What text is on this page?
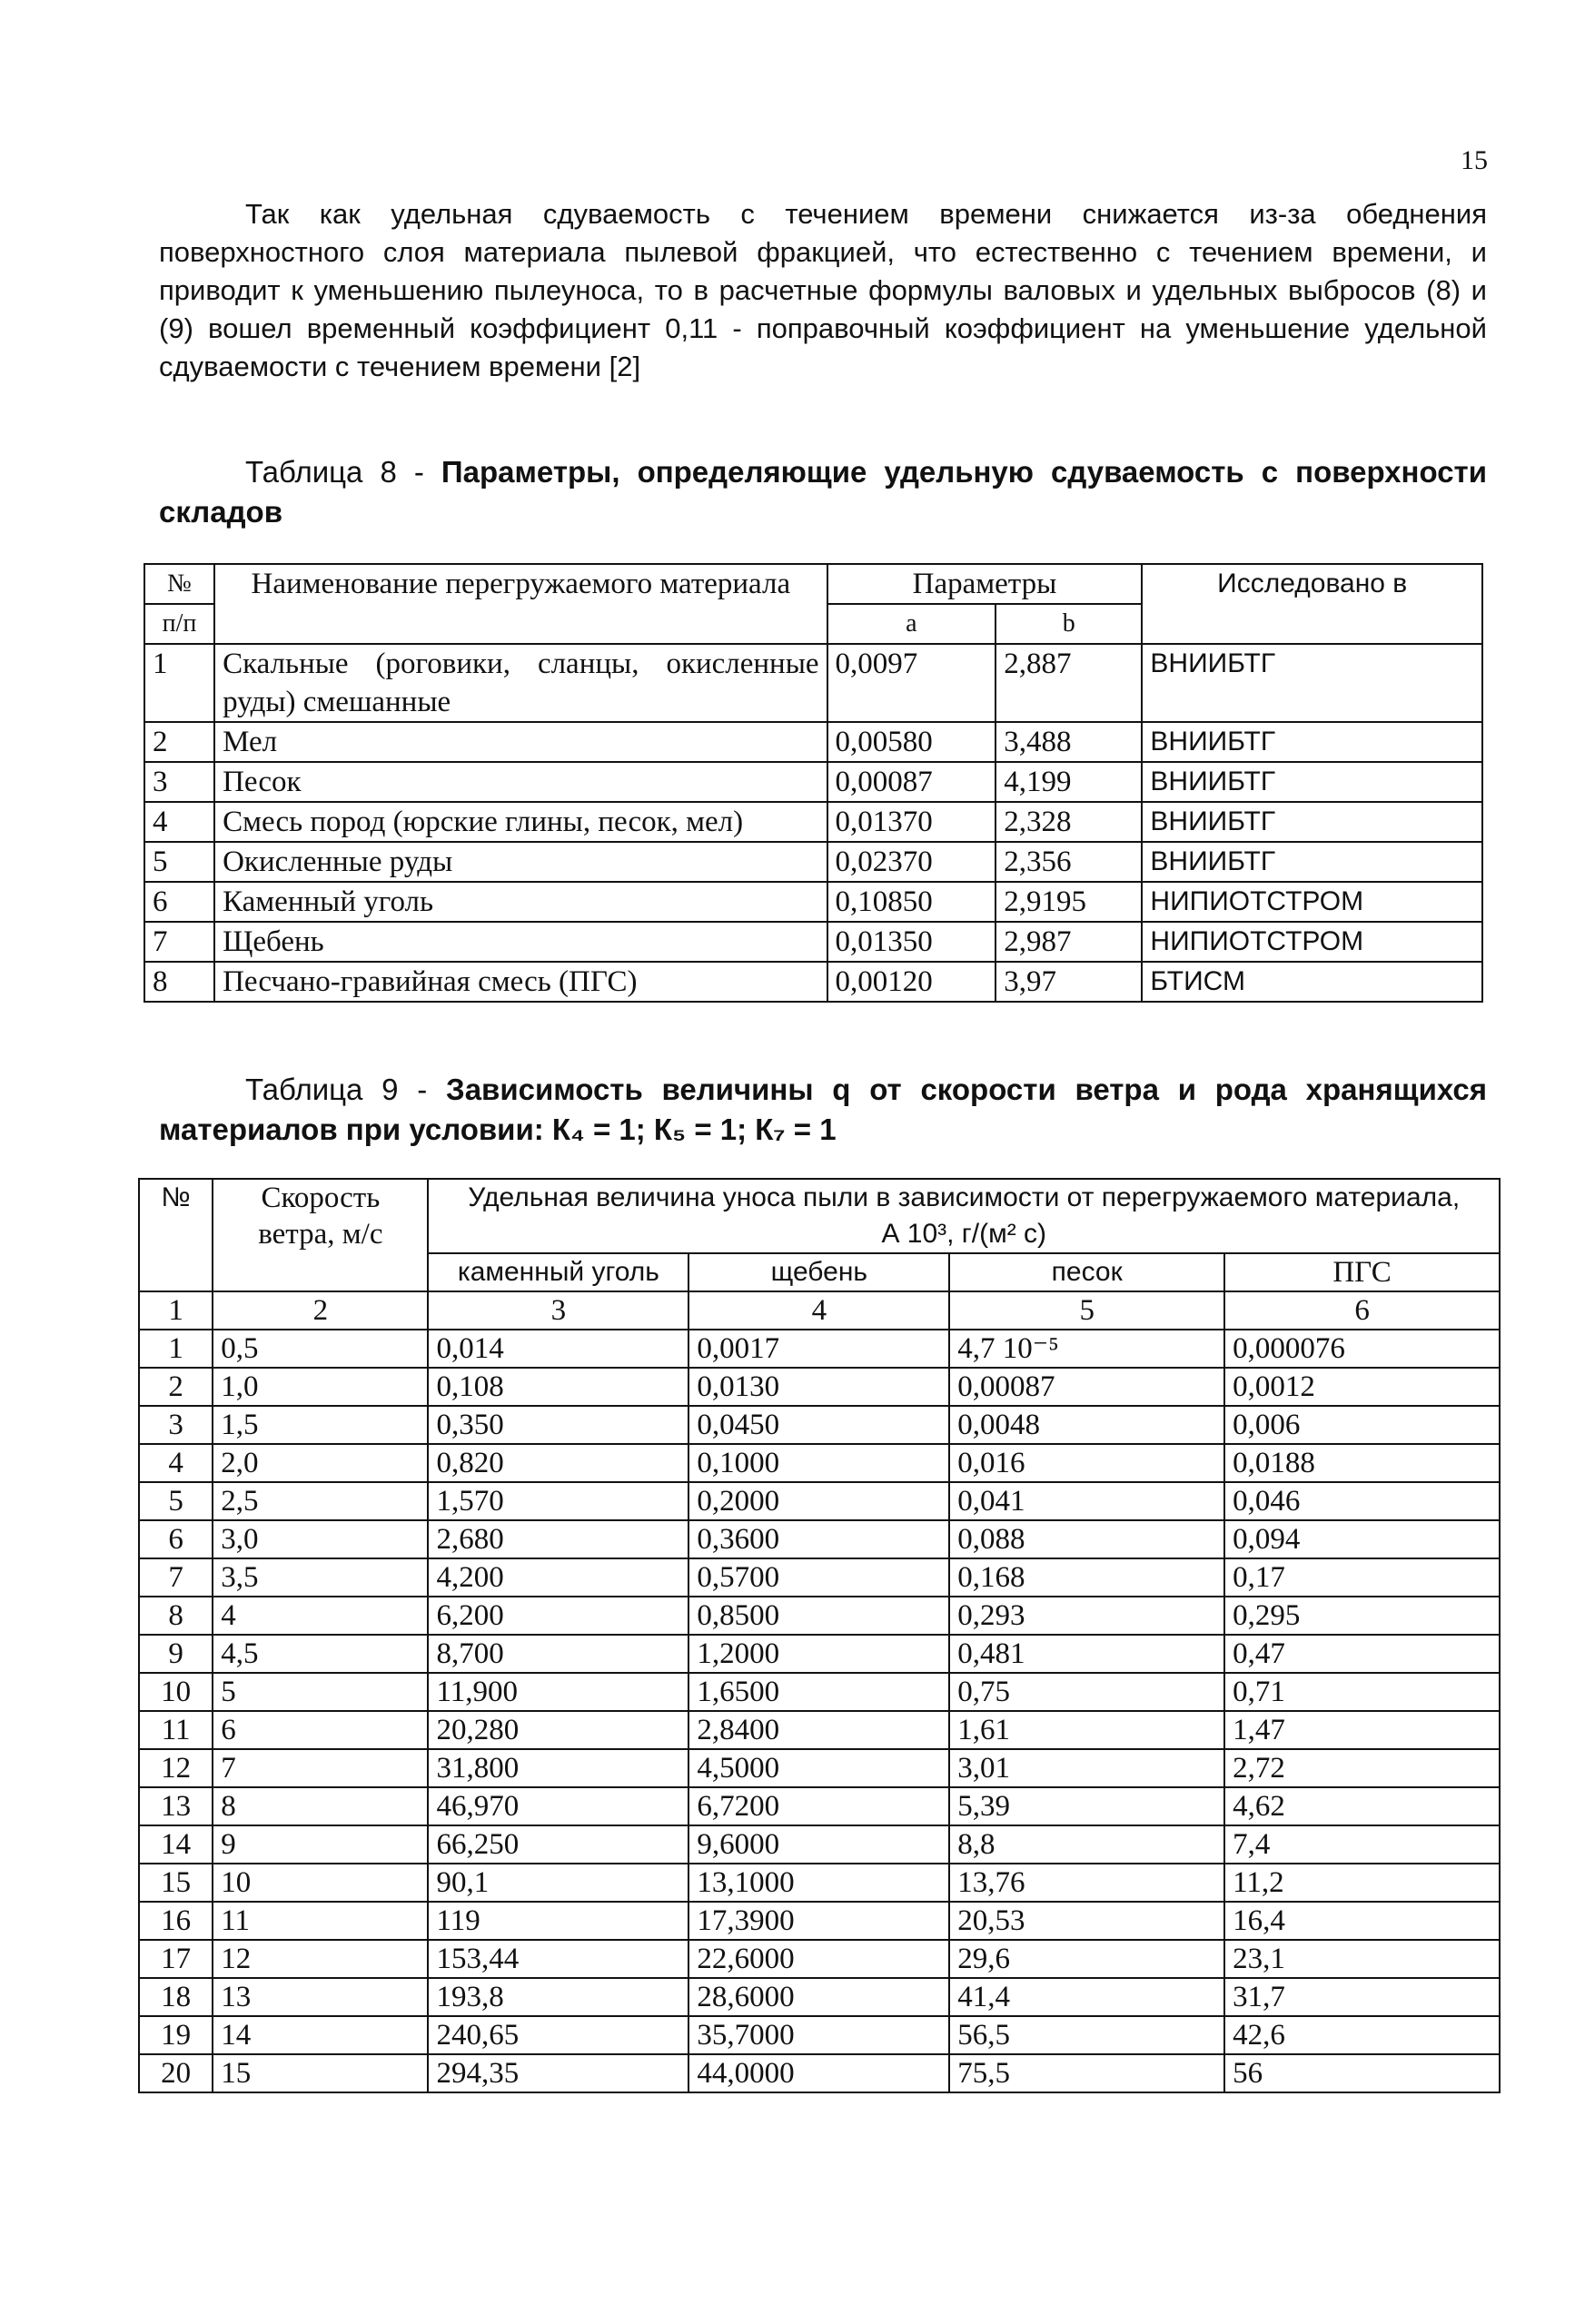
15

Так как удельная сдуваемость с течением времени снижается из-за обеднения поверхностного слоя материала пылевой фракцией, что естественно с течением времени, и приводит к уменьшению пылеуноса, то в расчетные формулы валовых и удельных выбросов (8) и (9) вошел временный коэффициент 0,11 - поправочный коэффициент на уменьшение удельной сдуваемости с течением времени [2]

Таблица 8 - Параметры, определяющие удельную сдуваемость с поверхности складов

№	Наименование перегружаемого материала	Параметры		Исследовано в
п/п		a	b	
1	Скальные (роговики, сланцы, окисленные руды) смешанные	0,0097	2,887	ВНИИБТГ
2	Мел	0,00580	3,488	ВНИИБТГ
3	Песок	0,00087	4,199	ВНИИБТГ
4	Смесь пород (юрские глины, песок, мел)	0,01370	2,328	ВНИИБТГ
5	Окисленные руды	0,02370	2,356	ВНИИБТГ
6	Каменный уголь	0,10850	2,9195	НИПИОТСТРОМ
7	Щебень	0,01350	2,987	НИПИОТСТРОМ
8	Песчано-гравийная смесь (ПГС)	0,00120	3,97	БТИСМ

Таблица 9 - Зависимость величины q от скорости ветра и рода хранящихся материалов при условии: К₄ = 1; К₅ = 1; К₇ = 1

№	Скорость ветра, м/с	Удельная величина уноса пыли в зависимости от перегружаемого материала,
А 10³, г/(м² с)			

		каменный уголь	щебень	песок	ПГС
1	2	3	4	5	6
1	0,5	0,014	0,0017	4,7 10⁻⁵	0,000076
2	1,0	0,108	0,0130	0,00087	0,0012
3	1,5	0,350	0,0450	0,0048	0,006
4	2,0	0,820	0,1000	0,016	0,0188
5	2,5	1,570	0,2000	0,041	0,046
6	3,0	2,680	0,3600	0,088	0,094
7	3,5	4,200	0,5700	0,168	0,17
8	4	6,200	0,8500	0,293	0,295
9	4,5	8,700	1,2000	0,481	0,47
10	5	11,900	1,6500	0,75	0,71
11	6	20,280	2,8400	1,61	1,47
12	7	31,800	4,5000	3,01	2,72
13	8	46,970	6,7200	5,39	4,62
14	9	66,250	9,6000	8,8	7,4
15	10	90,1	13,1000	13,76	11,2
16	11	119	17,3900	20,53	16,4
17	12	153,44	22,6000	29,6	23,1
18	13	193,8	28,6000	41,4	31,7
19	14	240,65	35,7000	56,5	42,6
20	15	294,35	44,0000	75,5	56
